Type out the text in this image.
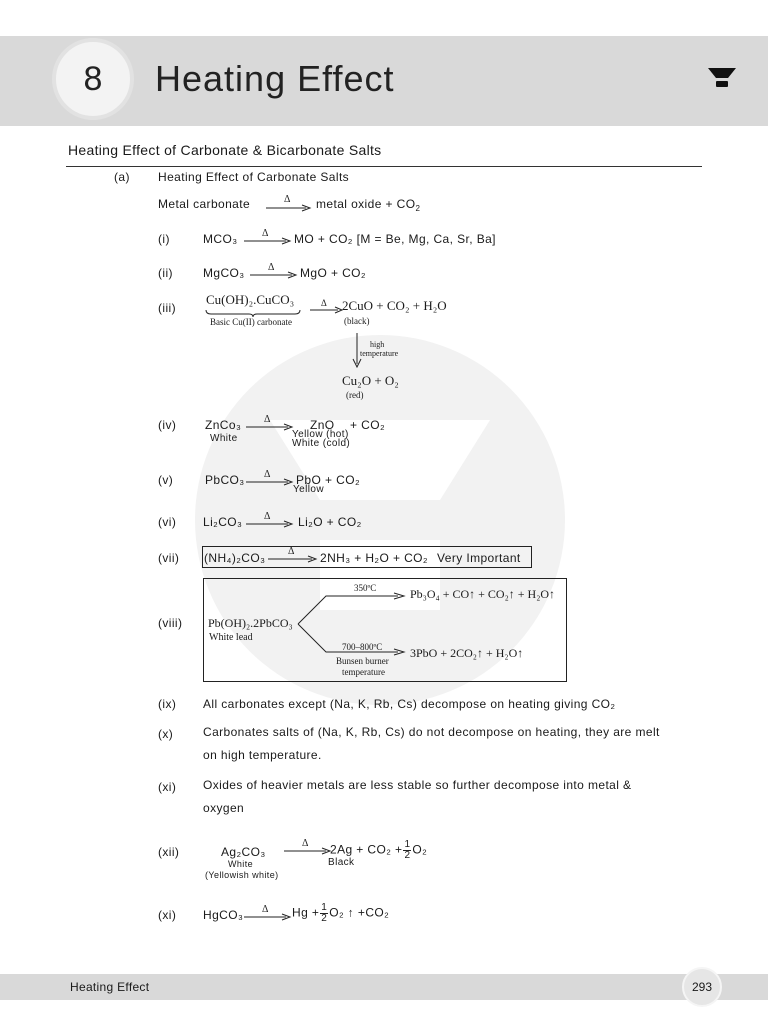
8	Heating Effect
Heating Effect of Carbonate & Bicarbonate Salts
(a) Heating Effect of Carbonate Salts
Metal carbonate	Δ metal oxide + $CO_2$
(i)	MCO₃ Δ MO + CO₂ [M = Be, Mg, Ca, Sr, Ba]
(ii)	MgCO₃ Δ MgO + CO₂
(iii)
Cu(OH)₂.CuCO₃
Basic Cu(II) carbonate
Δ 2CuO + CO₂ + H₂O
(black)
high
temperature
Cu₂O + O₂
(red)
(iv) ZnCo₃
White
Δ	ZnO
Yellow (hot)
White (cold)
+ CO₂
(v)	PbCO₃ Δ PbO
Yellow
+ CO₂
(vi) Li₂CO₃ Δ Li₂O + CO₂
(vii) (NH₄)₂CO₃ Δ 2NH₃ + H₂O + CO₂ Very Important
(viii) Pb(OH)₂.2PbCO₃
White lead
350ºC	Pb₃O₄ + CO↑ + CO₂↑ + H₂O↑
700–800ºC
Bunsen burner
temperature
3PbO + 2CO₂↑ + H₂O↑
(ix) All carbonates except (Na, K, Rb, Cs) decompose on heating giving CO₂
(x) Carbonates salts of (Na, K, Rb, Cs) do not decompose on heating, they are melt
on high temperature.
(xi) Oxides of heavier metals are less stable so further decompose into metal &
oxygen
(xii)	Ag₂CO₃
White
(Yellowish white)
Δ $2Ag + CO_2 + \frac{1}{2} O_2$
Black
(xi) HgCO₃ Δ $Hg + \frac{1}{2} O_2$ ↑ +CO₂
Heating Effect	293
